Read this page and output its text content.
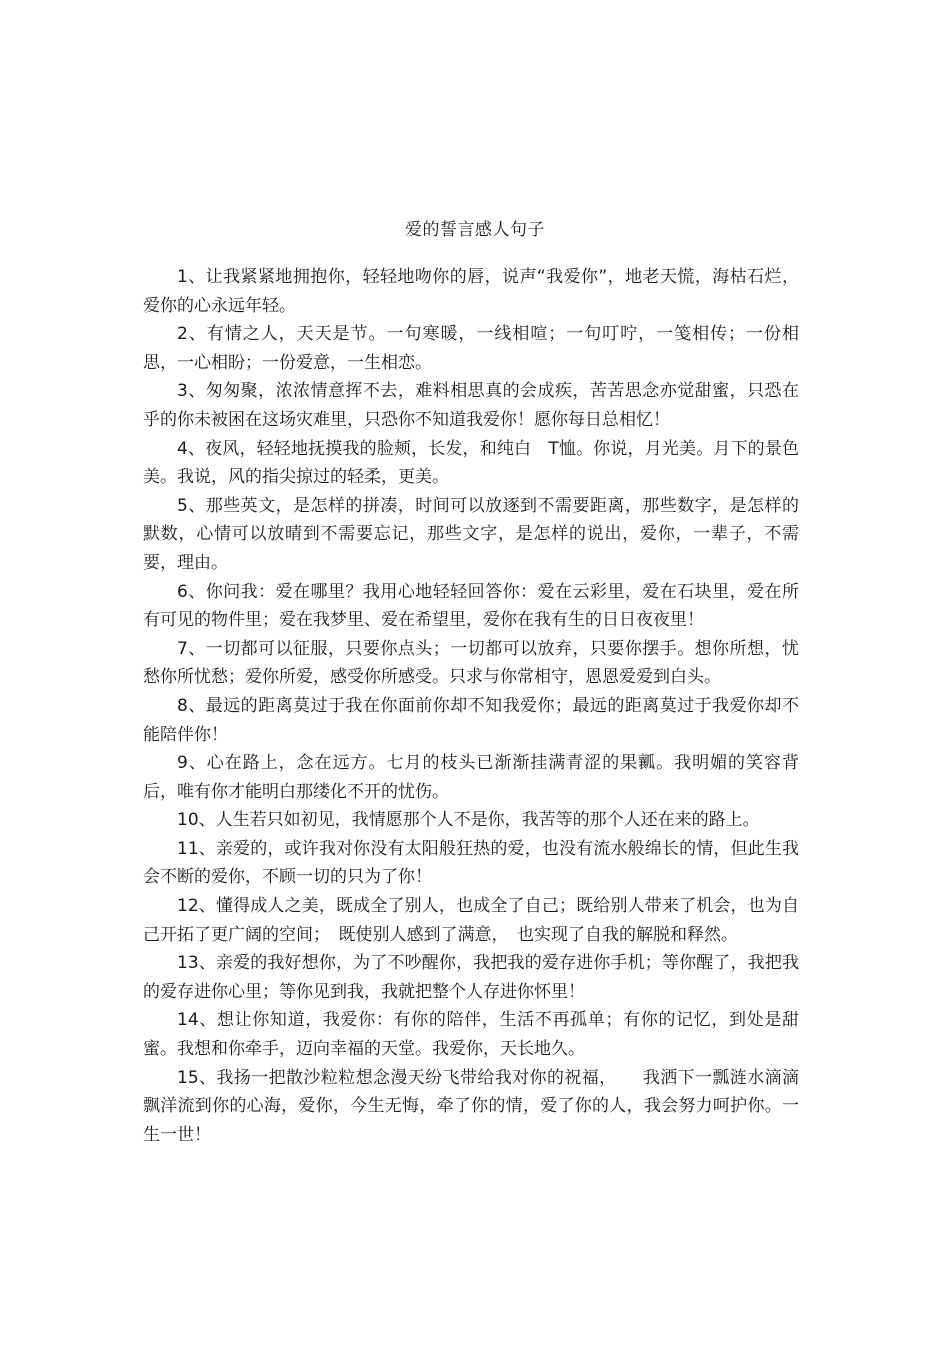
爱的誓言感人句子

1、让我紧紧地拥抱你，轻轻地吻你的唇，说声“我爱你”，地老天慌，海枯石烂，爱你的心永远年轻。

2、有情之人，天天是节。一句寒暖，一线相喧；一句叮咛，一笺相传；一份相思，一心相盼；一份爱意，一生相恋。

3、匆匆聚，浓浓情意挥不去，难料相思真的会成疾，苦苦思念亦觉甜蜜，只恐在乎的你未被困在这场灾难里，只恐你不知道我爱你！愿你每日总相忆！

4、夜风，轻轻地抚摸我的脸颊，长发，和纯白　T恤。你说，月光美。月下的景色美。我说，风的指尖掠过的轻柔，更美。

5、那些英文，是怎样的拼凑，时间可以放逐到不需要距离，那些数字，是怎样的默数，心情可以放晴到不需要忘记，那些文字，是怎样的说出，爱你，一辈子，不需要，理由。

6、你问我：爱在哪里？我用心地轻轻回答你：爱在云彩里，爱在石块里，爱在所有可见的物件里；爱在我梦里、爱在希望里，爱你在我有生的日日夜夜里！

7、一切都可以征服，只要你点头；一切都可以放弃，只要你摆手。想你所想，忧愁你所忧愁；爱你所爱，感受你所感受。只求与你常相守，恩恩爱爱到白头。

8、最远的距离莫过于我在你面前你却不知我爱你；最远的距离莫过于我爱你却不能陪伴你！

9、心在路上，念在远方。七月的枝头已渐渐挂满青涩的果瓤。我明媚的笑容背后，唯有你才能明白那缕化不开的忧伤。

10、人生若只如初见，我情愿那个人不是你，我苦等的那个人还在来的路上。

11、亲爱的，或许我对你没有太阳般狂热的爱，也没有流水般绵长的情，但此生我会不断的爱你，不顾一切的只为了你！

12、懂得成人之美，既成全了别人，也成全了自己；既给别人带来了机会，也为自己开拓了更广阔的空间；　既使别人感到了满意，　也实现了自我的解脱和释然。

13、亲爱的我好想你，为了不吵醒你，我把我的爱存进你手机；等你醒了，我把我的爱存进你心里；等你见到我，我就把整个人存进你怀里！

14、想让你知道，我爱你：有你的陪伴，生活不再孤单；有你的记忆，到处是甜蜜。我想和你牵手，迈向幸福的天堂。我爱你，天长地久。

15、我扬一把散沙粒粒想念漫天纷飞带给我对你的祝福，　　我洒下一瓢涟水滴滴飘洋流到你的心海，爱你，今生无悔，牵了你的情，爱了你的人，我会努力呵护你。一生一世！
